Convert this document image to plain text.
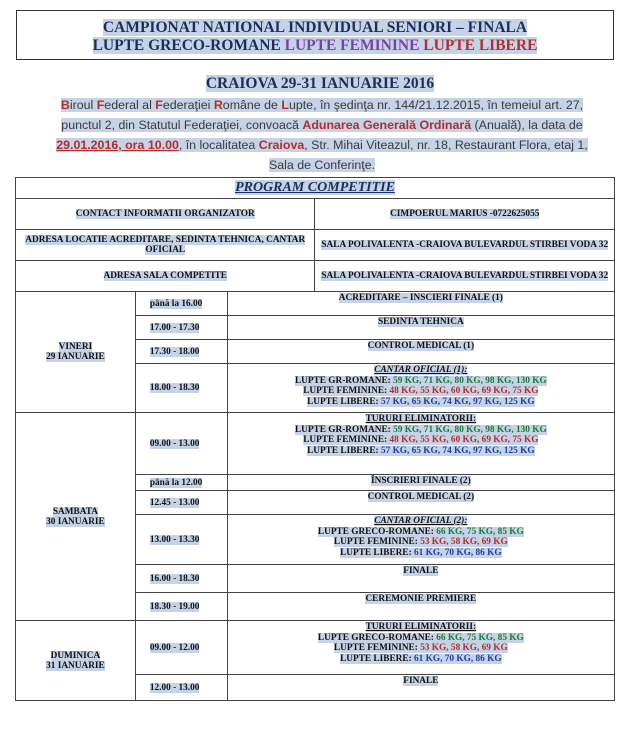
CAMPIONAT NATIONAL INDIVIDUAL SENIORI – FINALA
LUPTE GRECO-ROMANE LUPTE FEMININE LUPTE LIBERE
CRAIOVA 29-31 IANUARIE 2016
Biroul Federal al Federaţiei Române de Lupte, în şedinţa nr. 144/21.12.2015, în temeiul art. 27, punctul 2, din Statutul Federaţiei, convoacă Adunarea Generală Ordinară (Anuală), la data de 29.01.2016, ora 10.00, în localitatea Craiova, Str. Mihai Viteazul, nr. 18, Restaurant Flora, etaj 1, Sala de Conferinţe.
PROGRAM COMPETITIE			
CONTACT INFORMATII ORGANIZATOR			CIMPOERUL MARIUS -0722625055
ADRESA LOCATIE ACREDITARE, SEDINTA TEHNICA, CANTAR OFICIAL			SALA POLIVALENTA -CRAIOVA BULEVARDUL STIRBEI VODA 32
ADRESA SALA COMPETITE			SALA POLIVALENTA -CRAIOVA BULEVARDUL STIRBEI VODA 32
VINERI
29 IANUARIE	până la 16.00	ACREDITARE – INSCIERI FINALE (1)	
	17.00 - 17.30	SEDINTA TEHNICA	
	17.30 - 18.00	CONTROL MEDICAL (1)	
	18.00 - 18.30	CANTAR OFICIAL (1):
LUPTE GR-ROMANE: 59 KG, 71 KG, 80 KG, 98 KG, 130 KG
LUPTE FEMININE: 48 KG, 55 KG, 60 KG, 69 KG, 75 KG
LUPTE LIBERE: 57 KG, 65 KG, 74 KG, 97 KG, 125 KG	
SAMBATA
30 IANUARIE	09.00 - 13.00	TURURI ELIMINATORII:
LUPTE GR-ROMANE: 59 KG, 71 KG, 80 KG, 98 KG, 130 KG
LUPTE FEMININE: 48 KG, 55 KG, 60 KG, 69 KG, 75 KG
LUPTE LIBERE: 57 KG, 65 KG, 74 KG, 97 KG, 125 KG	
	până la 12.00	ÎNSCRIERI FINALE (2)	
	12.45 - 13.00	CONTROL MEDICAL (2)	
	13.00 - 13.30	CANTAR OFICIAL (2):
LUPTE GRECO-ROMANE: 66 KG, 75 KG, 85 KG
LUPTE FEMININE: 53 KG, 58 KG, 69 KG
LUPTE LIBERE: 61 KG, 70 KG, 86 KG	
	16.00 - 18.30	FINALE	
	18.30 - 19.00	CEREMONIE PREMIERE	
DUMINICA
31 IANUARIE	09.00 - 12.00	TURURI ELIMINATORII:
LUPTE GRECO-ROMANE: 66 KG, 75 KG, 85 KG
LUPTE FEMININE: 53 KG, 58 KG, 69 KG
LUPTE LIBERE: 61 KG, 70 KG, 86 KG	
	12.00 - 13.00	FINALE	
